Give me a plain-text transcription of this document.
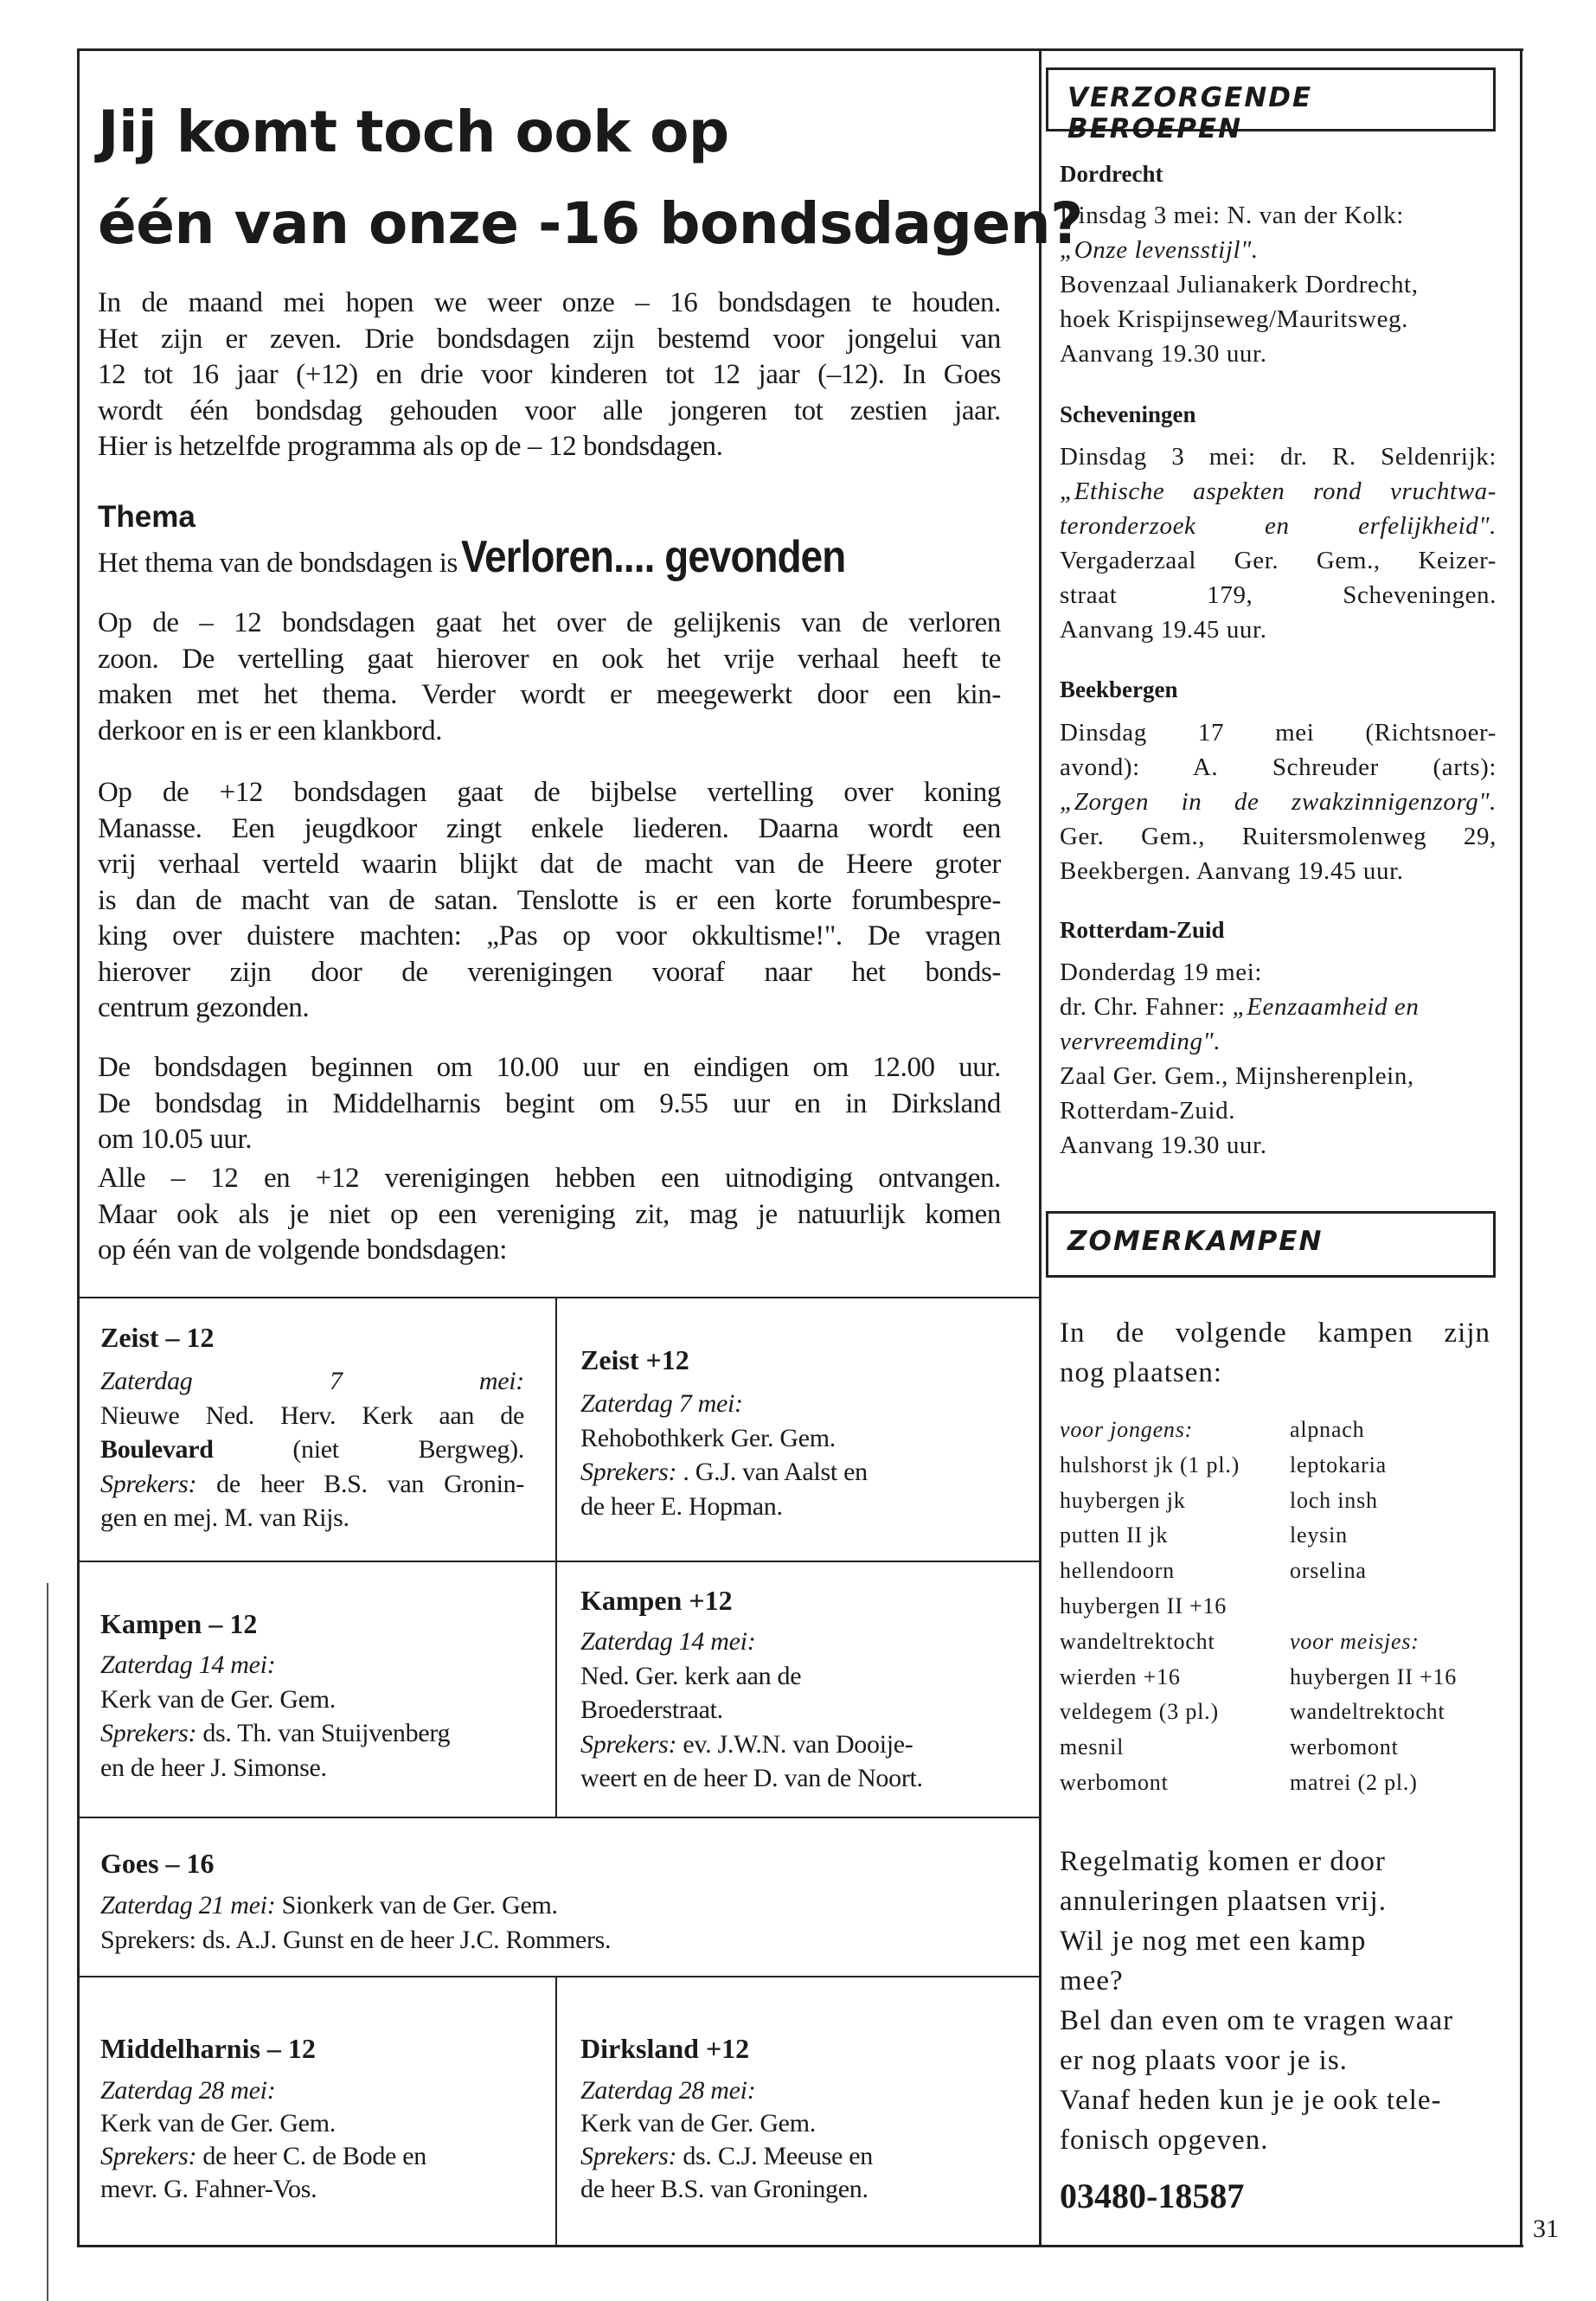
Jij komt toch ook op
één van onze -16 bondsdagen?
In de maand mei hopen we weer onze – 16 bondsdagen te houden.
Het zijn er zeven. Drie bondsdagen zijn bestemd voor jongelui van
12 tot 16 jaar (+12) en drie voor kinderen tot 12 jaar (–12). In Goes
wordt één bondsdag gehouden voor alle jongeren tot zestien jaar.
Hier is hetzelfde programma als op de – 12 bondsdagen.
Thema
Het thema van de bondsdagen is Verloren.... gevonden
Op de – 12 bondsdagen gaat het over de gelijkenis van de verloren
zoon. De vertelling gaat hierover en ook het vrije verhaal heeft te
maken met het thema. Verder wordt er meegewerkt door een kin-
derkoor en is er een klankbord.
Op de +12 bondsdagen gaat de bijbelse vertelling over koning
Manasse. Een jeugdkoor zingt enkele liederen. Daarna wordt een
vrij verhaal verteld waarin blijkt dat de macht van de Heere groter
is dan de macht van de satan. Tenslotte is er een korte forumbespre-
king over duistere machten: „Pas op voor okkultisme!". De vragen
hierover zijn door de verenigingen vooraf naar het bonds-
centrum gezonden.
De bondsdagen beginnen om 10.00 uur en eindigen om 12.00 uur.
De bondsdag in Middelharnis begint om 9.55 uur en in Dirksland
om 10.05 uur.
Alle – 12 en +12 verenigingen hebben een uitnodiging ontvangen.
Maar ook als je niet op een vereniging zit, mag je natuurlijk komen
op één van de volgende bondsdagen:
Zeist – 12
Zaterdag 7 mei:
Nieuwe Ned. Herv. Kerk aan de
Boulevard (niet Bergweg).
Sprekers: de heer B.S. van Gronin-
gen en mej. M. van Rijs.
Zeist +12
Zaterdag 7 mei:
Rehobothkerk Ger. Gem.
Sprekers: . G.J. van Aalst en
de heer E. Hopman.
Kampen – 12
Zaterdag 14 mei:
Kerk van de Ger. Gem.
Sprekers: ds. Th. van Stuijvenberg
en de heer J. Simonse.
Kampen +12
Zaterdag 14 mei:
Ned. Ger. kerk aan de
Broederstraat.
Sprekers: ev. J.W.N. van Dooije-
weert en de heer D. van de Noort.
Goes – 16
Zaterdag 21 mei: Sionkerk van de Ger. Gem.
Sprekers: ds. A.J. Gunst en de heer J.C. Rommers.
Middelharnis – 12
Zaterdag 28 mei:
Kerk van de Ger. Gem.
Sprekers: de heer C. de Bode en
mevr. G. Fahner-Vos.
Dirksland +12
Zaterdag 28 mei:
Kerk van de Ger. Gem.
Sprekers: ds. C.J. Meeuse en
de heer B.S. van Groningen.
VERZORGENDE BEROEPEN
Dordrecht
Dinsdag 3 mei: N. van der Kolk:
„Onze levensstijl".
Bovenzaal Julianakerk Dordrecht,
hoek Krispijnseweg/Mauritsweg.
Aanvang 19.30 uur.
Scheveningen
Dinsdag 3 mei: dr. R. Seldenrijk:
„Ethische aspekten rond vruchtwa-
teronderzoek en erfelijkheid".
Vergaderzaal Ger. Gem., Keizer-
straat 179, Scheveningen.
Aanvang 19.45 uur.
Beekbergen
Dinsdag 17 mei (Richtsnoer-
avond): A. Schreuder (arts):
„Zorgen in de zwakzinnigenzorg".
Ger. Gem., Ruitersmolenweg 29,
Beekbergen. Aanvang 19.45 uur.
Rotterdam-Zuid
Donderdag 19 mei:
dr. Chr. Fahner: „Eenzaamheid en
vervreemding".
Zaal Ger. Gem., Mijnsherenplein,
Rotterdam-Zuid.
Aanvang 19.30 uur.
ZOMERKAMPEN
In de volgende kampen zijn
nog plaatsen:
voor jongens:
hulshorst jk (1 pl.)
huybergen jk
putten II jk
hellendoorn
huybergen II +16
wandeltrektocht
wierden +16
veldegem (3 pl.)
mesnil
werbomont
alpnach
leptokaria
loch insh
leysin
orselina

voor meisjes:
huybergen II +16
wandeltrektocht
werbomont
matrei (2 pl.)
Regelmatig komen er door
annuleringen plaatsen vrij.
Wil je nog met een kamp
mee?
Bel dan even om te vragen waar
er nog plaats voor je is.
Vanaf heden kun je je ook tele-
fonisch opgeven.
03480-18587
31
